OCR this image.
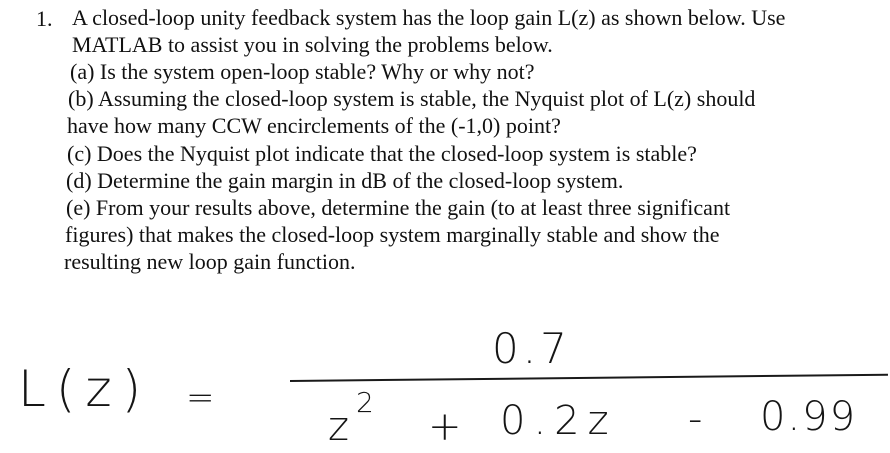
1. A closed-loop unity feedback system has the loop gain L(z) as shown below. Use
MATLAB to assist you in solving the problems below.
(a) Is the system open-loop stable? Why or why not?
(b) Assuming the closed-loop system is stable, the Nyquist plot of L(z) should
have how many CCW encirclements of the (-1,0) point?
(c) Does the Nyquist plot indicate that the closed-loop system is stable?
(d) Determine the gain margin in dB of the closed-loop system.
(e) From your results above, determine the gain (to at least three significant
figures) that makes the closed-loop system marginally stable and show the
resulting new loop gain function.
L(z) =
0.7
z
2
+ 0.2z - 0.99
